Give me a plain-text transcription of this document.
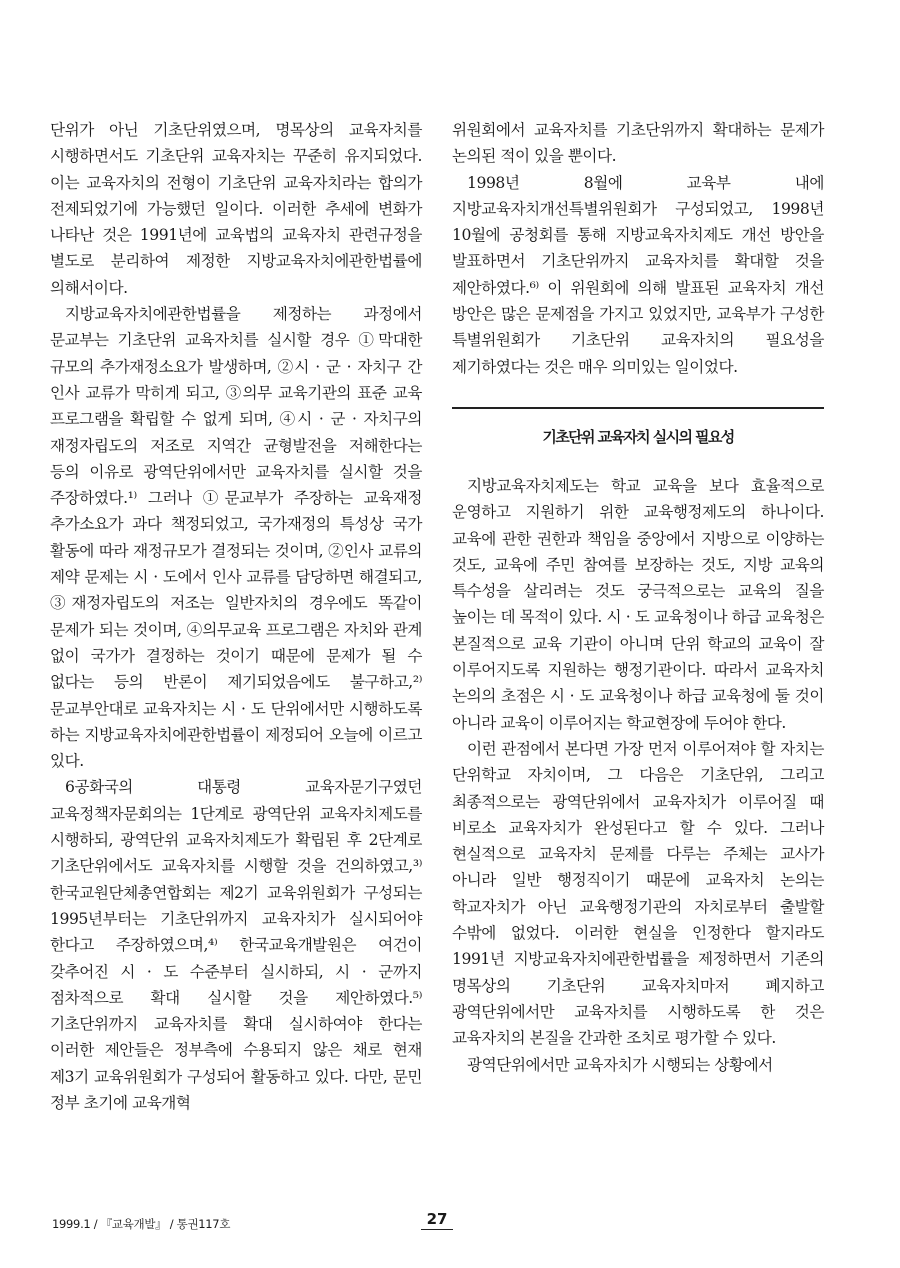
단위가 아닌 기초단위였으며, 명목상의 교육자치를 시행하면서도 기초단위 교육자치는 꾸준히 유지되었다. 이는 교육자치의 전형이 기초단위 교육자치라는 합의가 전제되었기에 가능했던 일이다. 이러한 추세에 변화가 나타난 것은 1991년에 교육법의 교육자치 관련규정을 별도로 분리하여 제정한 지방교육자치에관한법률에 의해서이다.

지방교육자치에관한법률을 제정하는 과정에서 문교부는 기초단위 교육자치를 실시할 경우 ①막대한 규모의 추가재정소요가 발생하며, ②시 · 군 · 자치구 간 인사 교류가 막히게 되고, ③의무 교육기관의 표준 교육 프로그램을 확립할 수 없게 되며, ④시 · 군 · 자치구의 재정자립도의 저조로 지역간 균형발전을 저해한다는 등의 이유로 광역단위에서만 교육자치를 실시할 것을 주장하였다.¹⁾ 그러나 ①문교부가 주장하는 교육재정 추가소요가 과다 책정되었고, 국가재정의 특성상 국가 활동에 따라 재정규모가 결정되는 것이며, ②인사 교류의 제약 문제는 시 · 도에서 인사 교류를 담당하면 해결되고, ③재정자립도의 저조는 일반자치의 경우에도 똑같이 문제가 되는 것이며, ④의무교육 프로그램은 자치와 관계 없이 국가가 결정하는 것이기 때문에 문제가 될 수 없다는 등의 반론이 제기되었음에도 불구하고,²⁾ 문교부안대로 교육자치는 시 · 도 단위에서만 시행하도록 하는 지방교육자치에관한법률이 제정되어 오늘에 이르고 있다.

6공화국의 대통령 교육자문기구였던 교육정책자문회의는 1단계로 광역단위 교육자치제도를 시행하되, 광역단위 교육자치제도가 확립된 후 2단계로 기초단위에서도 교육자치를 시행할 것을 건의하였고,³⁾ 한국교원단체총연합회는 제2기 교육위원회가 구성되는 1995년부터는 기초단위까지 교육자치가 실시되어야 한다고 주장하였으며,⁴⁾ 한국교육개발원은 여건이 갖추어진 시 · 도 수준부터 실시하되, 시 · 군까지 점차적으로 확대 실시할 것을 제안하였다.⁵⁾ 기초단위까지 교육자치를 확대 실시하여야 한다는 이러한 제안들은 정부측에 수용되지 않은 채로 현재 제3기 교육위원회가 구성되어 활동하고 있다. 다만, 문민 정부 초기에 교육개혁

위원회에서 교육자치를 기초단위까지 확대하는 문제가 논의된 적이 있을 뿐이다.

1998년 8월에 교육부 내에 지방교육자치개선특별위원회가 구성되었고, 1998년 10월에 공청회를 통해 지방교육자치제도 개선 방안을 발표하면서 기초단위까지 교육자치를 확대할 것을 제안하였다.⁶⁾ 이 위원회에 의해 발표된 교육자치 개선 방안은 많은 문제점을 가지고 있었지만, 교육부가 구성한 특별위원회가 기초단위 교육자치의 필요성을 제기하였다는 것은 매우 의미있는 일이었다.

기초단위 교육자치 실시의 필요성

지방교육자치제도는 학교 교육을 보다 효율적으로 운영하고 지원하기 위한 교육행정제도의 하나이다. 교육에 관한 권한과 책임을 중앙에서 지방으로 이양하는 것도, 교육에 주민 참여를 보장하는 것도, 지방 교육의 특수성을 살리려는 것도 궁극적으로는 교육의 질을 높이는 데 목적이 있다. 시 · 도 교육청이나 하급 교육청은 본질적으로 교육 기관이 아니며 단위 학교의 교육이 잘 이루어지도록 지원하는 행정기관이다. 따라서 교육자치 논의의 초점은 시 · 도 교육청이나 하급 교육청에 둘 것이 아니라 교육이 이루어지는 학교현장에 두어야 한다.

이런 관점에서 본다면 가장 먼저 이루어져야 할 자치는 단위학교 자치이며, 그 다음은 기초단위, 그리고 최종적으로는 광역단위에서 교육자치가 이루어질 때 비로소 교육자치가 완성된다고 할 수 있다. 그러나 현실적으로 교육자치 문제를 다루는 주체는 교사가 아니라 일반 행정직이기 때문에 교육자치 논의는 학교자치가 아닌 교육행정기관의 자치로부터 출발할 수밖에 없었다. 이러한 현실을 인정한다 할지라도 1991년 지방교육자치에관한법률을 제정하면서 기존의 명목상의 기초단위 교육자치마저 폐지하고 광역단위에서만 교육자치를 시행하도록 한 것은 교육자치의 본질을 간과한 조치로 평가할 수 있다.

광역단위에서만 교육자치가 시행되는 상황에서

1999.1 / 『교육개발』 / 통권117호	27
